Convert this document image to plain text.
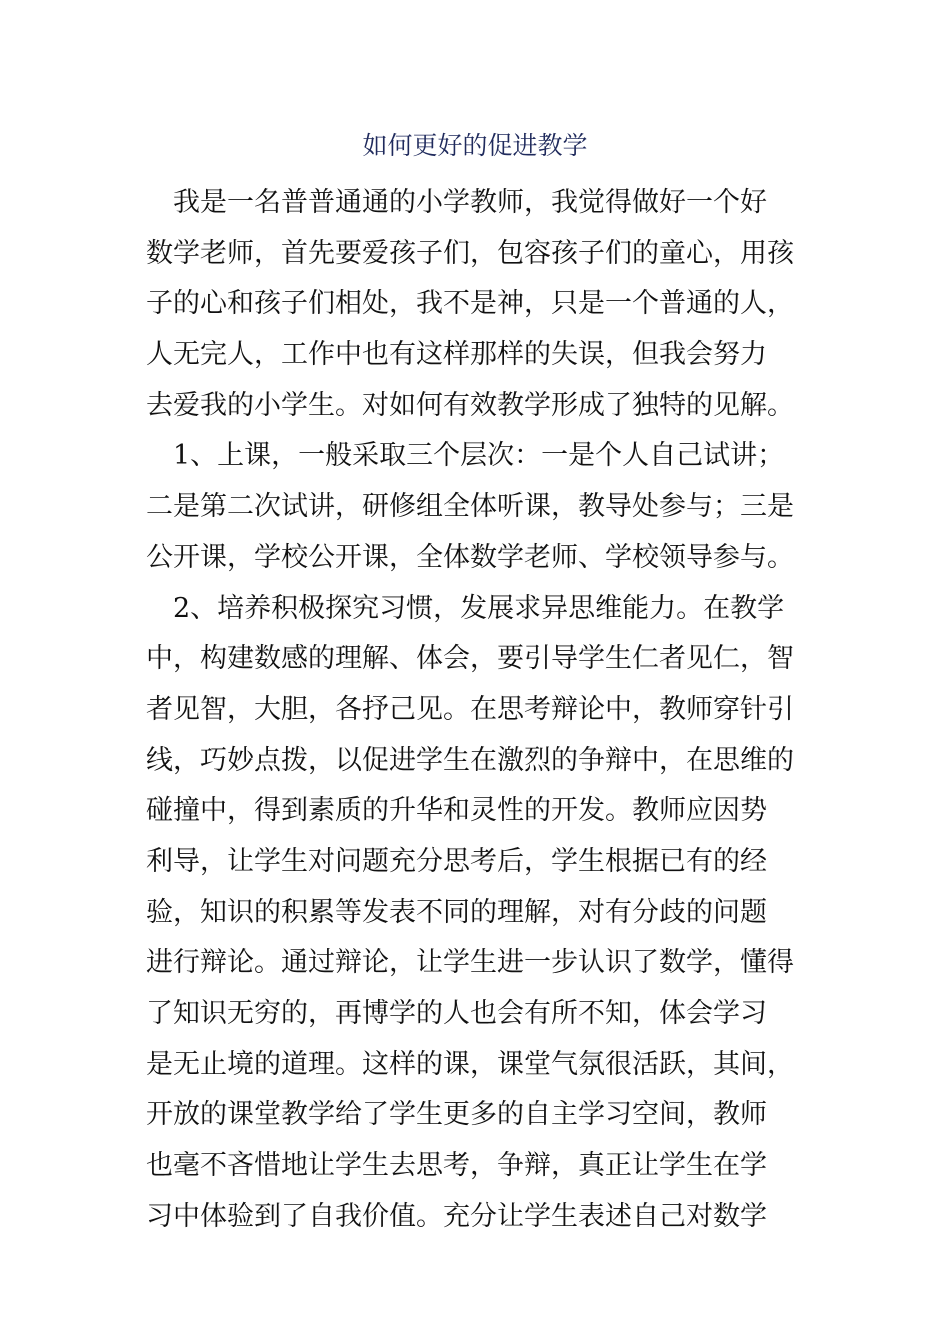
如何更好的促进教学
　我是一名普普通通的小学教师，我觉得做好一个好
数学老师，首先要爱孩子们，包容孩子们的童心，用孩
子的心和孩子们相处，我不是神，只是一个普通的人，
人无完人，工作中也有这样那样的失误，但我会努力
去爱我的小学生。对如何有效教学形成了独特的见解。
　1、上课，一般采取三个层次：一是个人自己试讲；
二是第二次试讲，研修组全体听课，教导处参与；三是
公开课，学校公开课，全体数学老师、学校领导参与。
　2、培养积极探究习惯，发展求异思维能力。在教学
中，构建数感的理解、体会，要引导学生仁者见仁，智
者见智，大胆，各抒己见。在思考辩论中，教师穿针引
线，巧妙点拨，以促进学生在激烈的争辩中，在思维的
碰撞中，得到素质的升华和灵性的开发。教师应因势
利导，让学生对问题充分思考后，学生根据已有的经
验，知识的积累等发表不同的理解，对有分歧的问题
进行辩论。通过辩论，让学生进一步认识了数学，懂得
了知识无穷的，再博学的人也会有所不知，体会学习
是无止境的道理。这样的课，课堂气氛很活跃，其间，
开放的课堂教学给了学生更多的自主学习空间，教师
也毫不吝惜地让学生去思考，争辩，真正让学生在学
习中体验到了自我价值。充分让学生表述自己对数学
